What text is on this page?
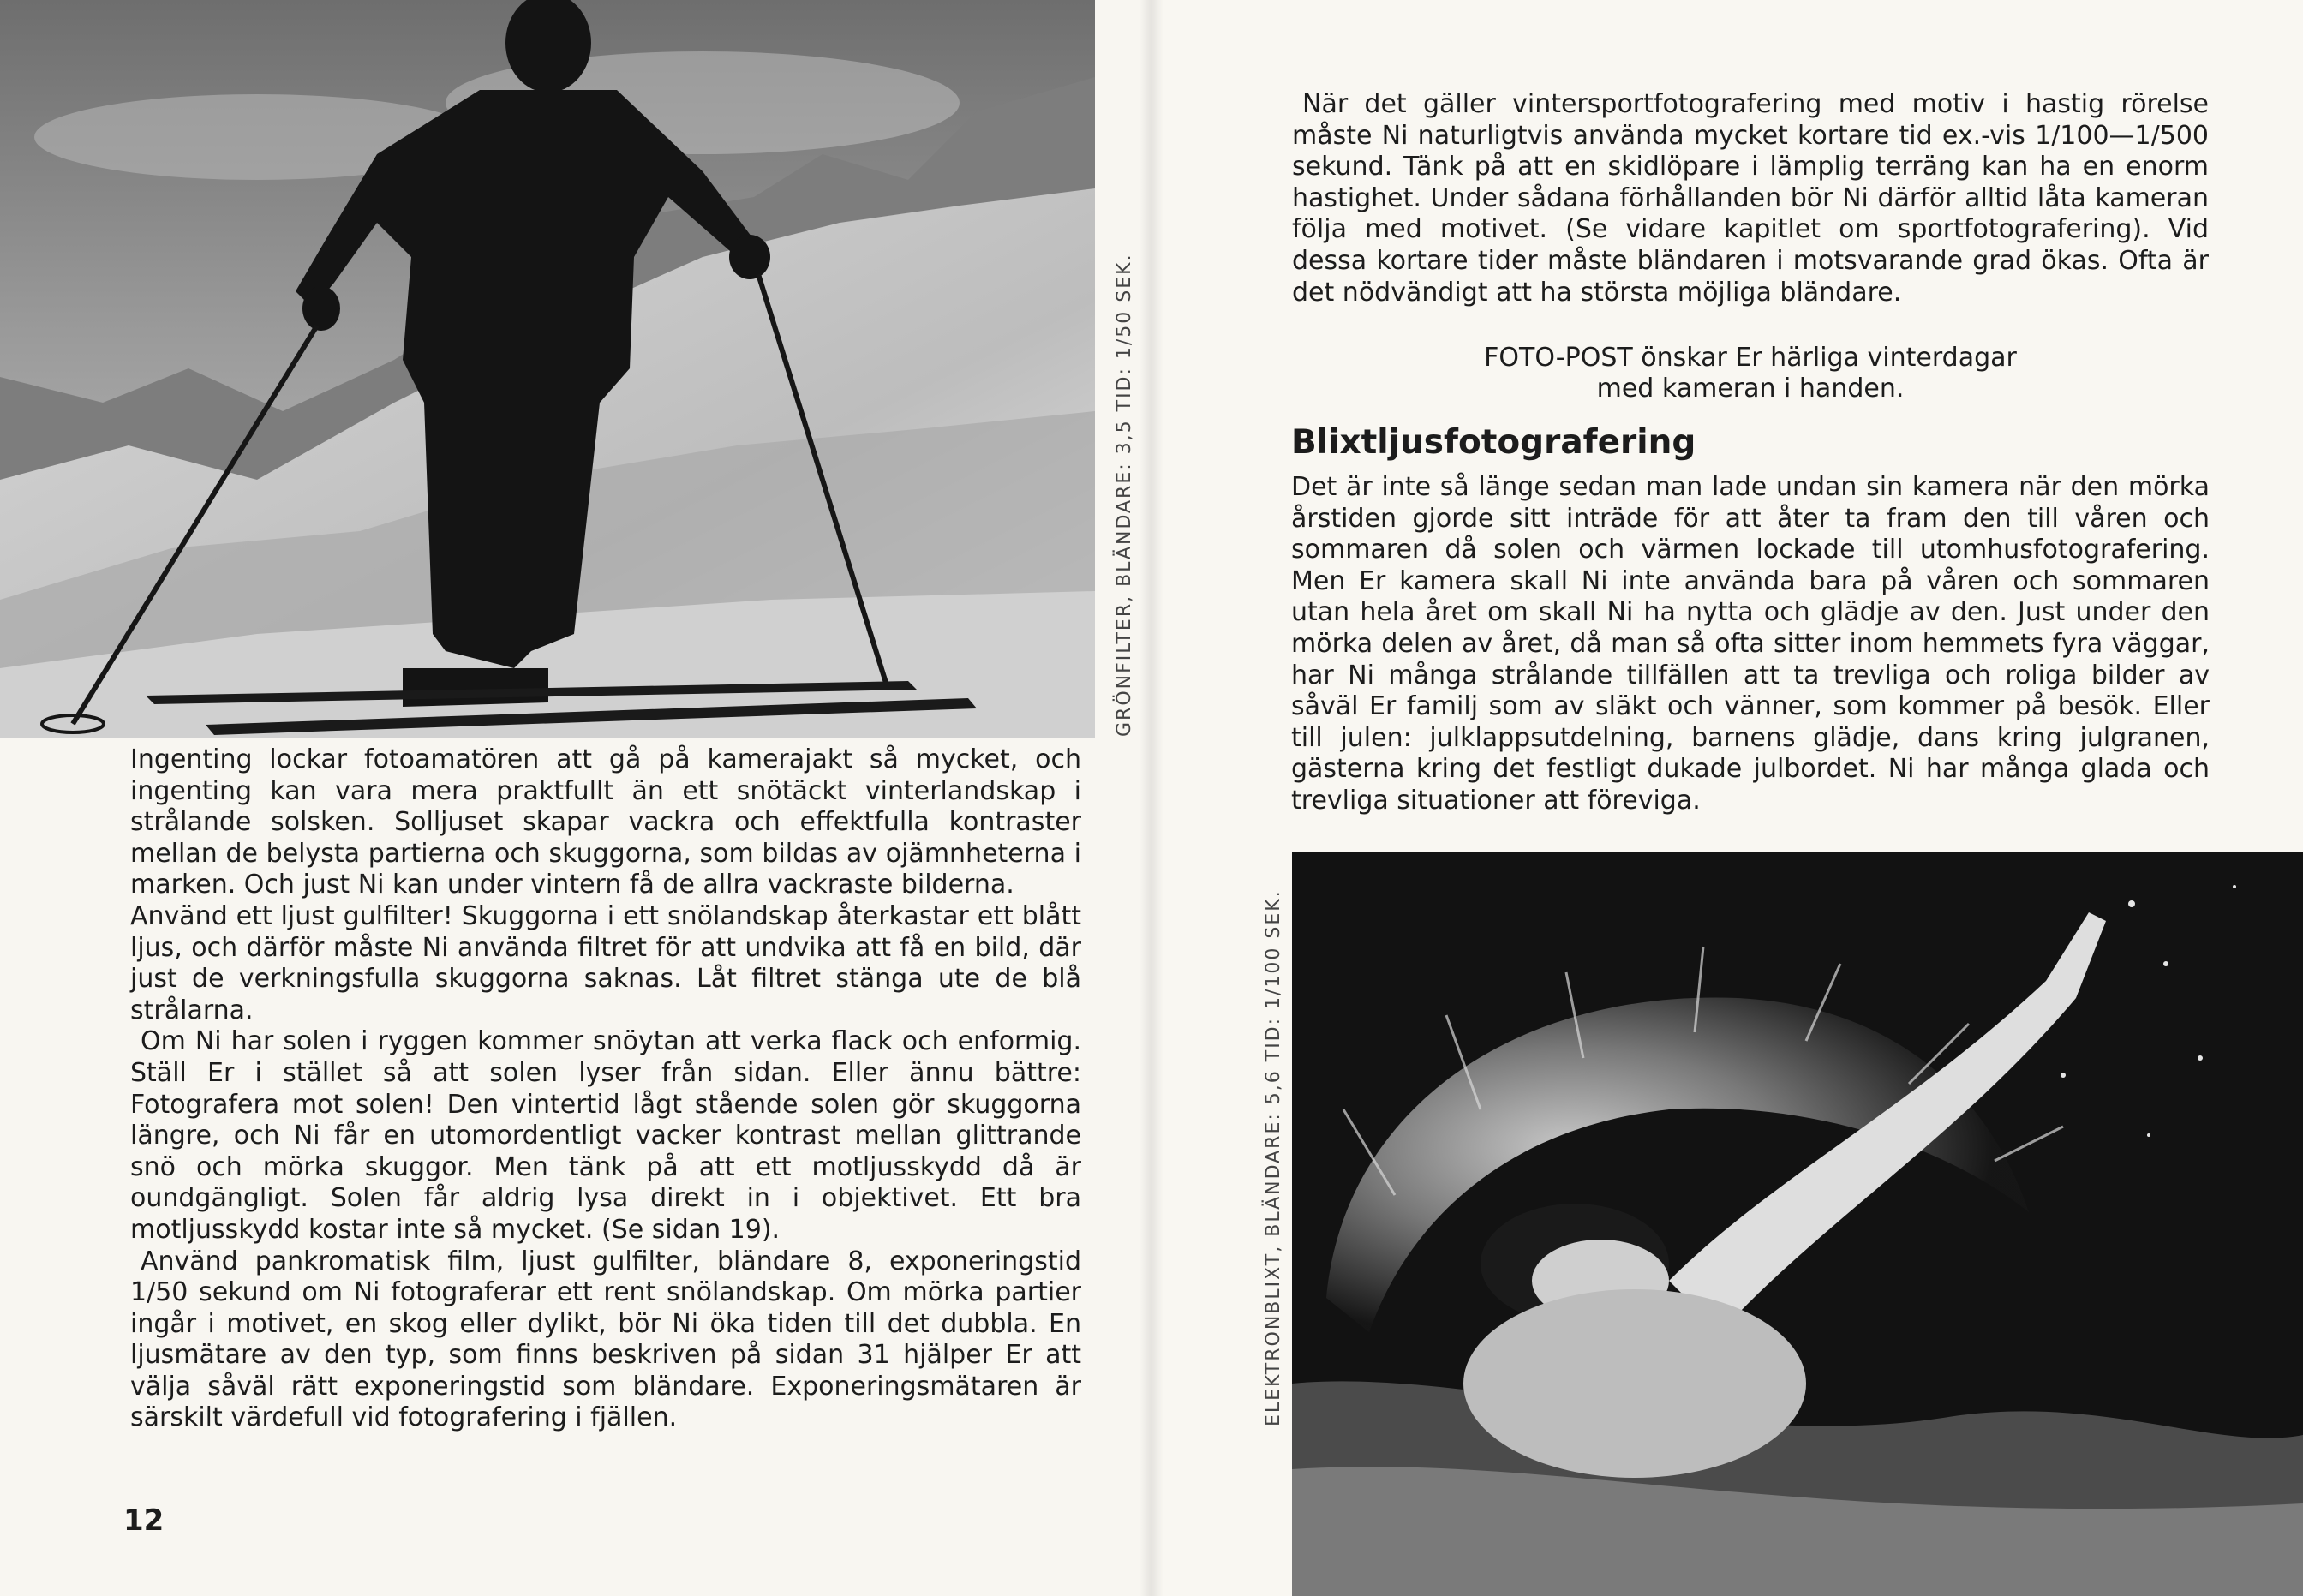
GRÖNFILTER, BLÄNDARE: 3,5 TID: 1/50 SEK.

Ingenting lockar fotoamatören att gå på kamerajakt så mycket, och ingenting kan vara mera praktfullt än ett snötäckt vinterlandskap i strålande solsken. Solljuset skapar vackra och effektfulla kontraster mellan de belysta partierna och skuggorna, som bildas av ojämnheterna i marken. Och just Ni kan under vintern få de allra vackraste bilderna.

Använd ett ljust gulfilter! Skuggorna i ett snölandskap återkastar ett blått ljus, och därför måste Ni använda filtret för att undvika att få en bild, där just de verkningsfulla skuggorna saknas. Låt filtret stänga ute de blå strålarna.

Om Ni har solen i ryggen kommer snöytan att verka flack och enformig. Ställ Er i stället så att solen lyser från sidan. Eller ännu bättre: Fotografera mot solen! Den vintertid lågt stående solen gör skuggorna längre, och Ni får en utomordentligt vacker kontrast mellan glittrande snö och mörka skuggor. Men tänk på att ett motljusskydd då är oundgängligt. Solen får aldrig lysa direkt in i objektivet. Ett bra motljusskydd kostar inte så mycket. (Se sidan 19).

Använd pankromatisk film, ljust gulfilter, bländare 8, exponeringstid 1/50 sekund om Ni fotograferar ett rent snölandskap. Om mörka partier ingår i motivet, en skog eller dylikt, bör Ni öka tiden till det dubbla. En ljusmätare av den typ, som finns beskriven på sidan 31 hjälper Er att välja såväl rätt exponeringstid som bländare. Exponeringsmätaren är särskilt värdefull vid fotografering i fjällen.

12

När det gäller vintersportfotografering med motiv i hastig rörelse måste Ni naturligtvis använda mycket kortare tid ex.-vis 1/100—1/500 sekund. Tänk på att en skidlöpare i lämplig terräng kan ha en enorm hastighet. Under sådana förhållanden bör Ni därför alltid låta kameran följa med motivet. (Se vidare kapitlet om sportfotografering). Vid dessa kortare tider måste bländaren i motsvarande grad ökas. Ofta är det nödvändigt att ha största möjliga bländare.

FOTO-POST önskar Er härliga vinterdagar
med kameran i handen.
Blixtljusfotografering

Det är inte så länge sedan man lade undan sin kamera när den mörka årstiden gjorde sitt inträde för att åter ta fram den till våren och sommaren då solen och värmen lockade till utomhusfotografering. Men Er kamera skall Ni inte använda bara på våren och sommaren utan hela året om skall Ni ha nytta och glädje av den. Just under den mörka delen av året, då man så ofta sitter inom hemmets fyra väggar, har Ni många strålande tillfällen att ta trevliga och roliga bilder av såväl Er familj som av släkt och vänner, som kommer på besök. Eller till julen: julklappsutdelning, barnens glädje, dans kring julgranen, gästerna kring det festligt dukade julbordet. Ni har många glada och trevliga situationer att föreviga.

ELEKTRONBLIXT, BLÄNDARE: 5,6 TID: 1/100 SEK.
